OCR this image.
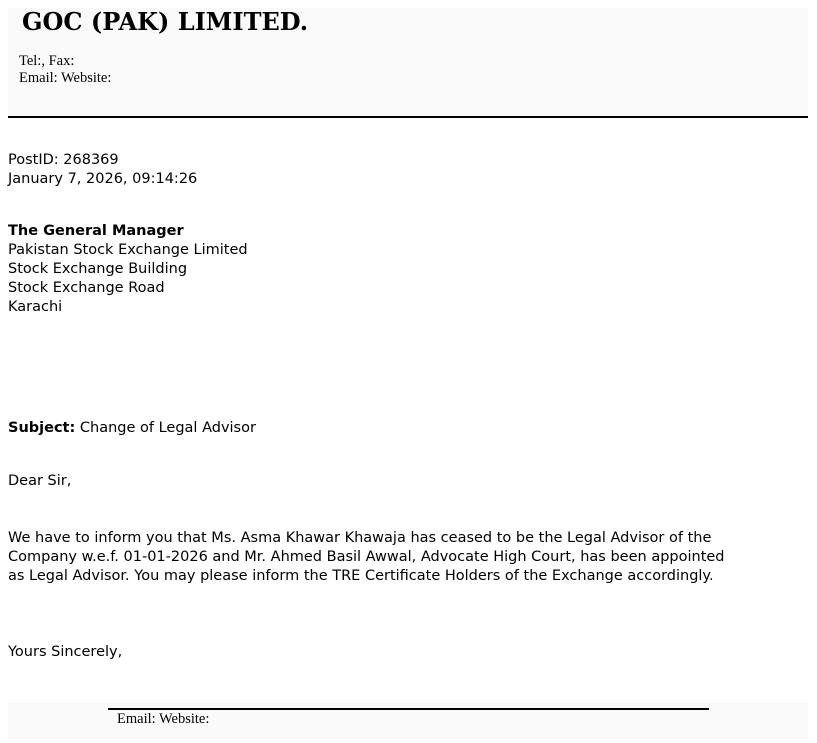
GOC (PAK) LIMITED.
Tel:, Fax:
Email: Website:
PostID: 268369
January 7, 2026, 09:14:26
The General Manager
Pakistan Stock Exchange Limited
Stock Exchange Building
Stock Exchange Road
Karachi
Subject: Change of Legal Advisor
Dear Sir,
We have to inform you that Ms. Asma Khawar Khawaja has ceased to be the Legal Advisor of the
Company w.e.f. 01-01-2026 and Mr. Ahmed Basil Awwal, Advocate High Court, has been appointed
as Legal Advisor. You may please inform the TRE Certificate Holders of the Exchange accordingly.
Yours Sincerely,
Email: Website:
